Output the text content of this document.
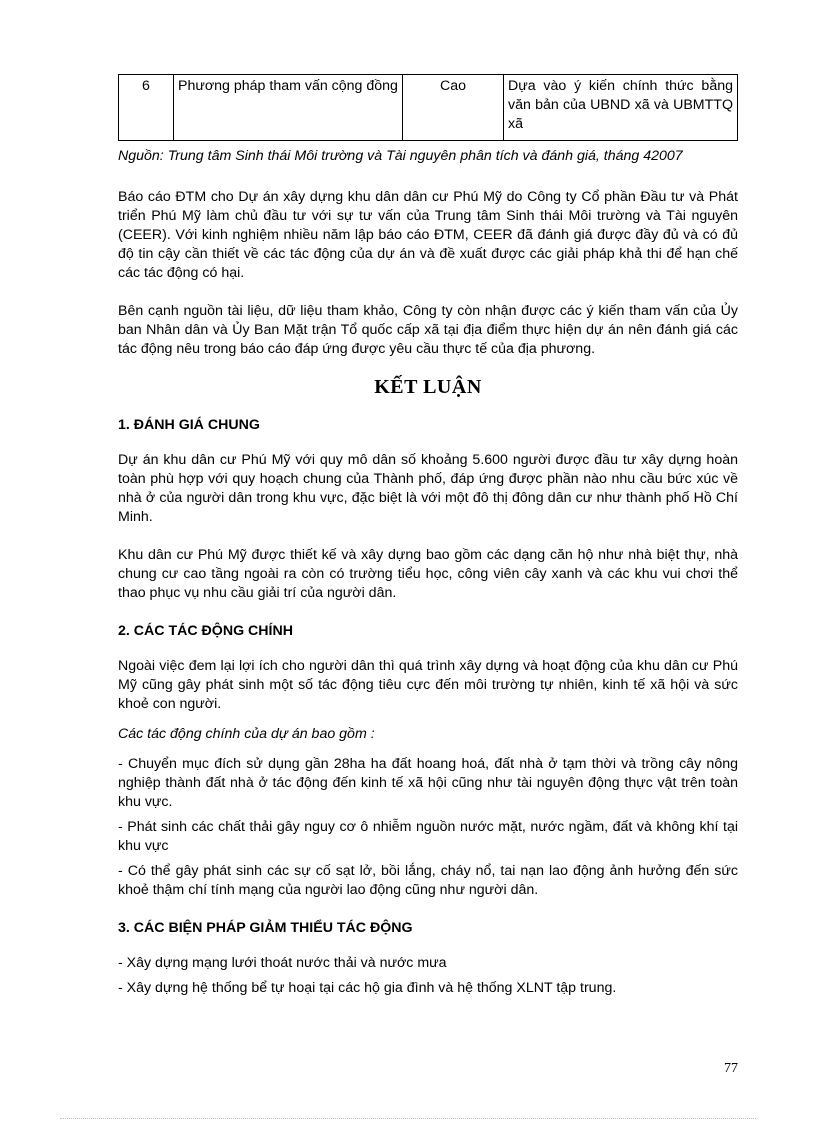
6	Phương pháp tham vấn cộng đồng	Cao	Dựa vào ý kiến chính thức bằng văn bản của UBND xã và UBMTTQ xã

Nguồn: Trung tâm Sinh thái Môi trường và Tài nguyên phân tích và đánh giá, tháng 42007

Báo cáo ĐTM cho Dự án xây dựng khu dân dân cư Phú Mỹ do Công ty Cổ phần Đầu tư và Phát triển Phú Mỹ làm chủ đầu tư với sự tư vấn của Trung tâm Sinh thái Môi trường và Tài nguyên (CEER). Với kinh nghiệm nhiều năm lập báo cáo ĐTM, CEER đã đánh giá được đầy đủ và có đủ độ tin cậy cần thiết về các tác động của dự án và đề xuất được các giải pháp khả thi để hạn chế các tác động có hại.

Bên cạnh nguồn tài liệu, dữ liệu tham khảo, Công ty còn nhận được các ý kiến tham vấn của Ủy ban Nhân dân và Ủy Ban Mặt trận Tổ quốc cấp xã tại địa điểm thực hiện dự án nên đánh giá các tác động nêu trong báo cáo đáp ứng được yêu cầu thực tế của địa phương.

KẾT LUẬN
1. ĐÁNH GIÁ CHUNG

Dự án khu dân cư Phú Mỹ với quy mô dân số khoảng 5.600 người được đầu tư xây dựng hoàn toàn phù hợp với quy hoạch chung của Thành phố, đáp ứng được phần nào nhu cầu bức xúc về nhà ở của người dân trong khu vực, đặc biệt là với một đô thị đông dân cư như thành phố Hồ Chí Minh.

Khu dân cư Phú Mỹ được thiết kế và xây dựng bao gồm các dạng căn hộ như nhà biệt thự, nhà chung cư cao tầng ngoài ra còn có trường tiểu học, công viên cây xanh và các khu vui chơi thể thao phục vụ nhu cầu giải trí của người dân.

2. CÁC TÁC ĐỘNG CHÍNH

Ngoài việc đem lại lợi ích cho người dân thì quá trình xây dựng và hoạt động của khu dân cư Phú Mỹ cũng gây phát sinh một số tác động tiêu cực đến môi trường tự nhiên, kinh tế xã hội và sức khoẻ con người.

Các tác động chính của dự án bao gồm :

- Chuyển mục đích sử dụng gần 28ha ha đất hoang hoá, đất nhà ở tạm thời và trồng cây nông nghiệp thành đất nhà ở tác động đến kinh tế xã hội cũng như tài nguyên động thực vật trên toàn khu vực.

- Phát sinh các chất thải gây nguy cơ ô nhiễm nguồn nước mặt, nước ngầm, đất và không khí tại khu vực

- Có thể gây phát sinh các sự cố sạt lở, bồi lắng, cháy nổ, tai nạn lao động ảnh hưởng đến sức khoẻ thậm chí tính mạng của người lao động cũng như người dân.

3. CÁC BIỆN PHÁP GIẢM THIỂU TÁC ĐỘNG

- Xây dựng mạng lưới thoát nước thải và nước mưa

- Xây dựng hệ thống bể tự hoại tại các hộ gia đình và hệ thống XLNT tập trung.

77
